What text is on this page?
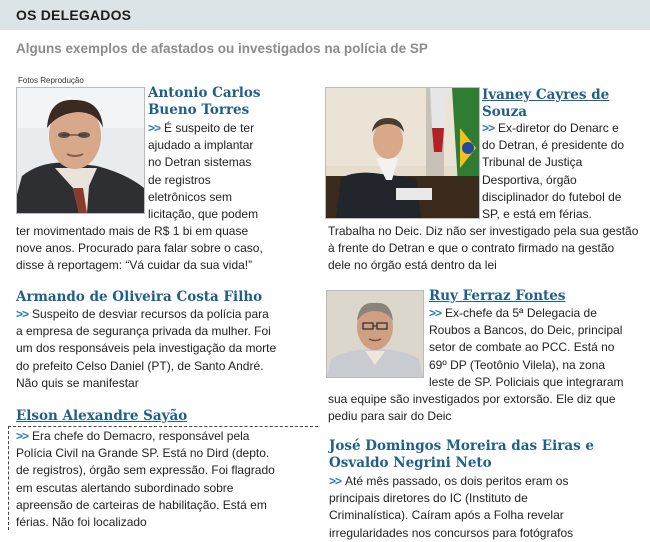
OS DELEGADOS
Alguns exemplos de afastados ou investigados na polícia de SP
Fotos Reprodução
Antonio Carlos
Bueno Torres
>> É suspeito de ter
ajudado a implantar
no Detran sistemas
de registros
eletrônicos sem
licitação, que podem
ter movimentado mais de R$ 1 bi em quase
nove anos. Procurado para falar sobre o caso,
disse à reportagem: “Vá cuidar da sua vida!”
Ivaney Cayres de
Souza
>> Ex-diretor do Denarc e
do Detran, é presidente do
Tribunal de Justiça
Desportiva, órgão
disciplinador do futebol de
SP, e está em férias.
Trabalha no Deic. Diz não ser investigado pela sua gestão
à frente do Detran e que o contrato firmado na gestão
dele no órgão está dentro da lei
Armando de Oliveira Costa Filho
>> Suspeito de desviar recursos da polícia para
a empresa de segurança privada da mulher. Foi
um dos responsáveis pela investigação da morte
do prefeito Celso Daniel (PT), de Santo André.
Não quis se manifestar
Ruy Ferraz Fontes
>> Ex-chefe da 5ª Delegacia de
Roubos a Bancos, do Deic, principal
setor de combate ao PCC. Está no
69º DP (Teotônio Vilela), na zona
leste de SP. Policiais que integraram
sua equipe são investigados por extorsão. Ele diz que
pediu para sair do Deic
Elson Alexandre Sayão
>> Era chefe do Demacro, responsável pela
Polícia Civil na Grande SP. Está no Dird (depto.
de registros), órgão sem expressão. Foi flagrado
em escutas alertando subordinado sobre
apreensão de carteiras de habilitação. Está em
férias. Não foi localizado
José Domingos Moreira das Eiras e
Osvaldo Negrini Neto
>> Até mês passado, os dois peritos eram os
principais diretores do IC (Instituto de
Criminalística). Caíram após a Folha revelar
irregularidades nos concursos para fotógrafos
